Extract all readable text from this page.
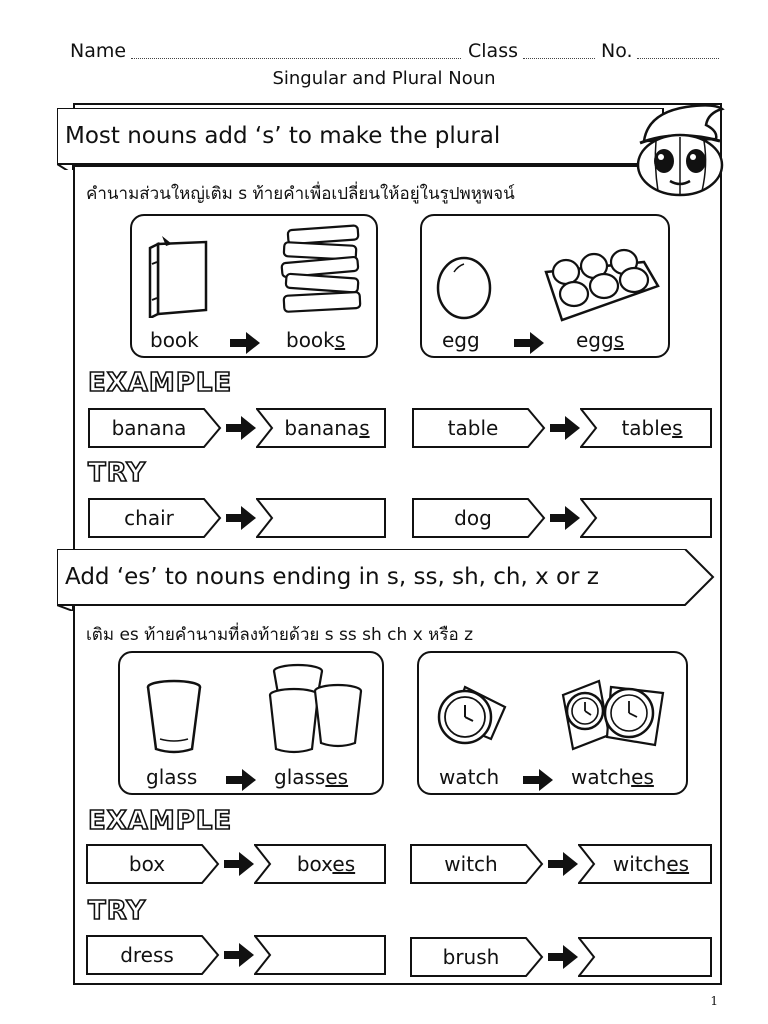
Name	Class	No.
Singular and Plural Noun
Most nouns add ‘s’ to make the plural
คำนามส่วนใหญ่เติม s ท้ายคำเพื่อเปลี่ยนให้อยู่ในรูปพหูพจน์
book	books	egg	eggs
EXAMPLE
banana	bananas	table	tables
TRY
chair	dog
Add ‘es’ to nouns ending in s, ss, sh, ch, x or z
เติม es ท้ายคำนามที่ลงท้ายด้วย s ss sh ch x หรือ z
glass	glasses	watch	watches
EXAMPLE
box	boxes	witch	witches
TRY
dress	brush
1
